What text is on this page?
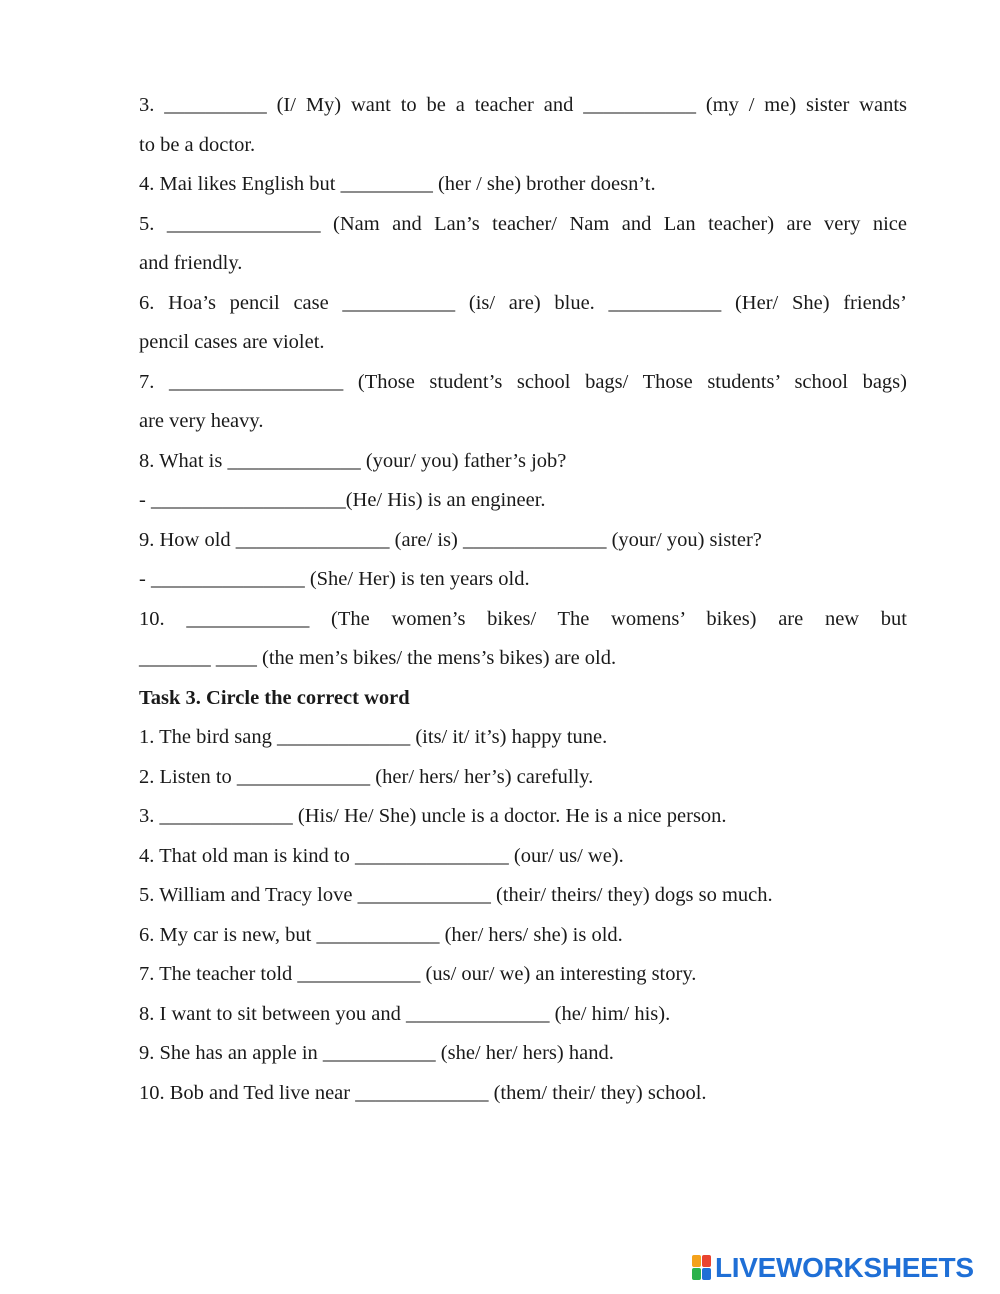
3. __________ (I/ My) want to be a teacher and ___________ (my / me) sister wants
to be a doctor.
4. Mai likes English but _________ (her / she) brother doesn’t.
5. _______________ (Nam and Lan’s teacher/ Nam and Lan teacher) are very nice
and friendly.
6. Hoa’s pencil case ___________ (is/ are) blue. ___________ (Her/ She) friends’
pencil cases are violet.
7. _________________ (Those student’s school bags/ Those students’ school bags)
are very heavy.
8. What is _____________ (your/ you) father’s job?
- ___________________(He/ His) is an engineer.
9. How old _______________ (are/ is) ______________ (your/ you) sister?
- _______________ (She/ Her) is ten years old.
10. ____________ (The women’s bikes/ The womens’ bikes) are new but
_______ ____ (the men’s bikes/ the mens’s bikes) are old.
Task 3. Circle the correct word
1. The bird sang _____________ (its/ it/ it’s) happy tune.
2. Listen to _____________ (her/ hers/ her’s) carefully.
3. _____________ (His/ He/ She) uncle is a doctor. He is a nice person.
4. That old man is kind to _______________ (our/ us/ we).
5. William and Tracy love _____________ (their/ theirs/ they) dogs so much.
6. My car is new, but ____________ (her/ hers/ she) is old.
7. The teacher told ____________ (us/ our/ we) an interesting story.
8. I want to sit between you and ______________ (he/ him/ his).
9. She has an apple in ___________ (she/ her/ hers) hand.
10. Bob and Ted live near _____________ (them/ their/ they) school.
LIVEWORKSHEETS
